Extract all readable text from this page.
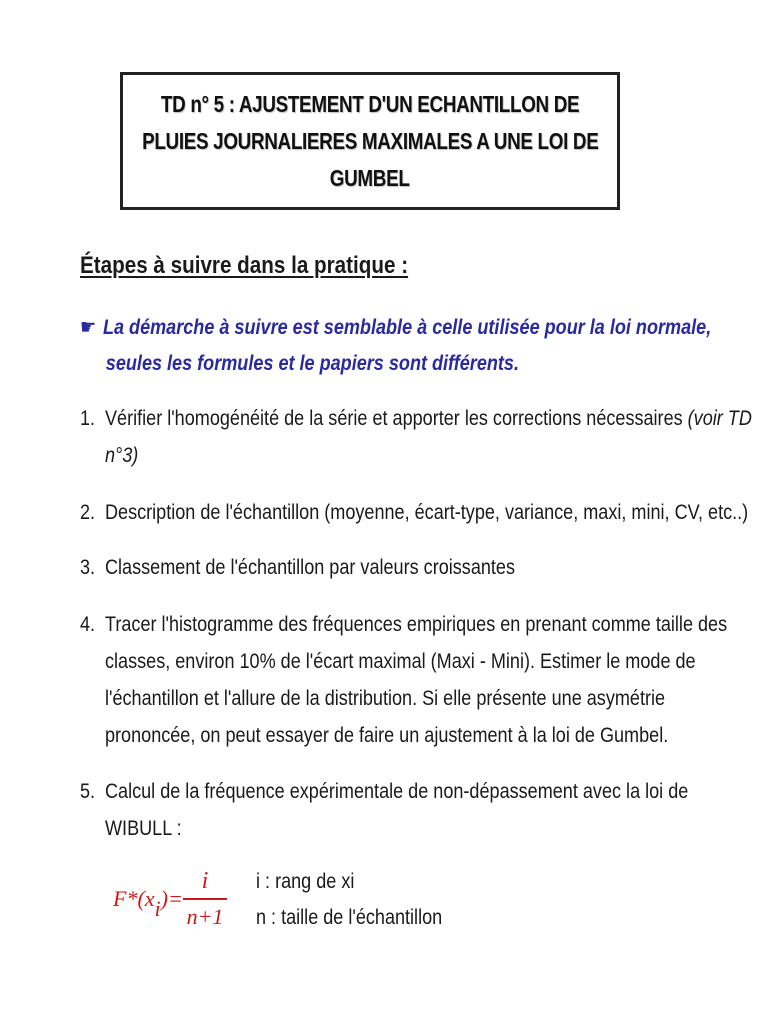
TD n° 5 : AJUSTEMENT D'UN ECHANTILLON DE
PLUIES JOURNALIERES MAXIMALES A UNE LOI DE
GUMBEL
Étapes à suivre dans la pratique :
☛ La démarche à suivre est semblable à celle utilisée pour la loi normale,
seules les formules et le papiers sont différents.
1. Vérifier l'homogénéité de la série et apporter les corrections nécessaires (voir TD
n°3)
2. Description de l'échantillon (moyenne, écart-type, variance, maxi, mini, CV, etc..)
3. Classement de l'échantillon par valeurs croissantes
4. Tracer l'histogramme des fréquences empiriques en prenant comme taille des
classes, environ 10% de l'écart maximal (Maxi - Mini). Estimer le mode de
l'échantillon et l'allure de la distribution. Si elle présente une asymétrie
prononcée, on peut essayer de faire un ajustement à la loi de Gumbel.
5. Calcul de la fréquence expérimentale de non-dépassement avec la loi de
WIBULL :
F*(xi)=
i
n+1
i : rang de xi
n : taille de l'échantillon
